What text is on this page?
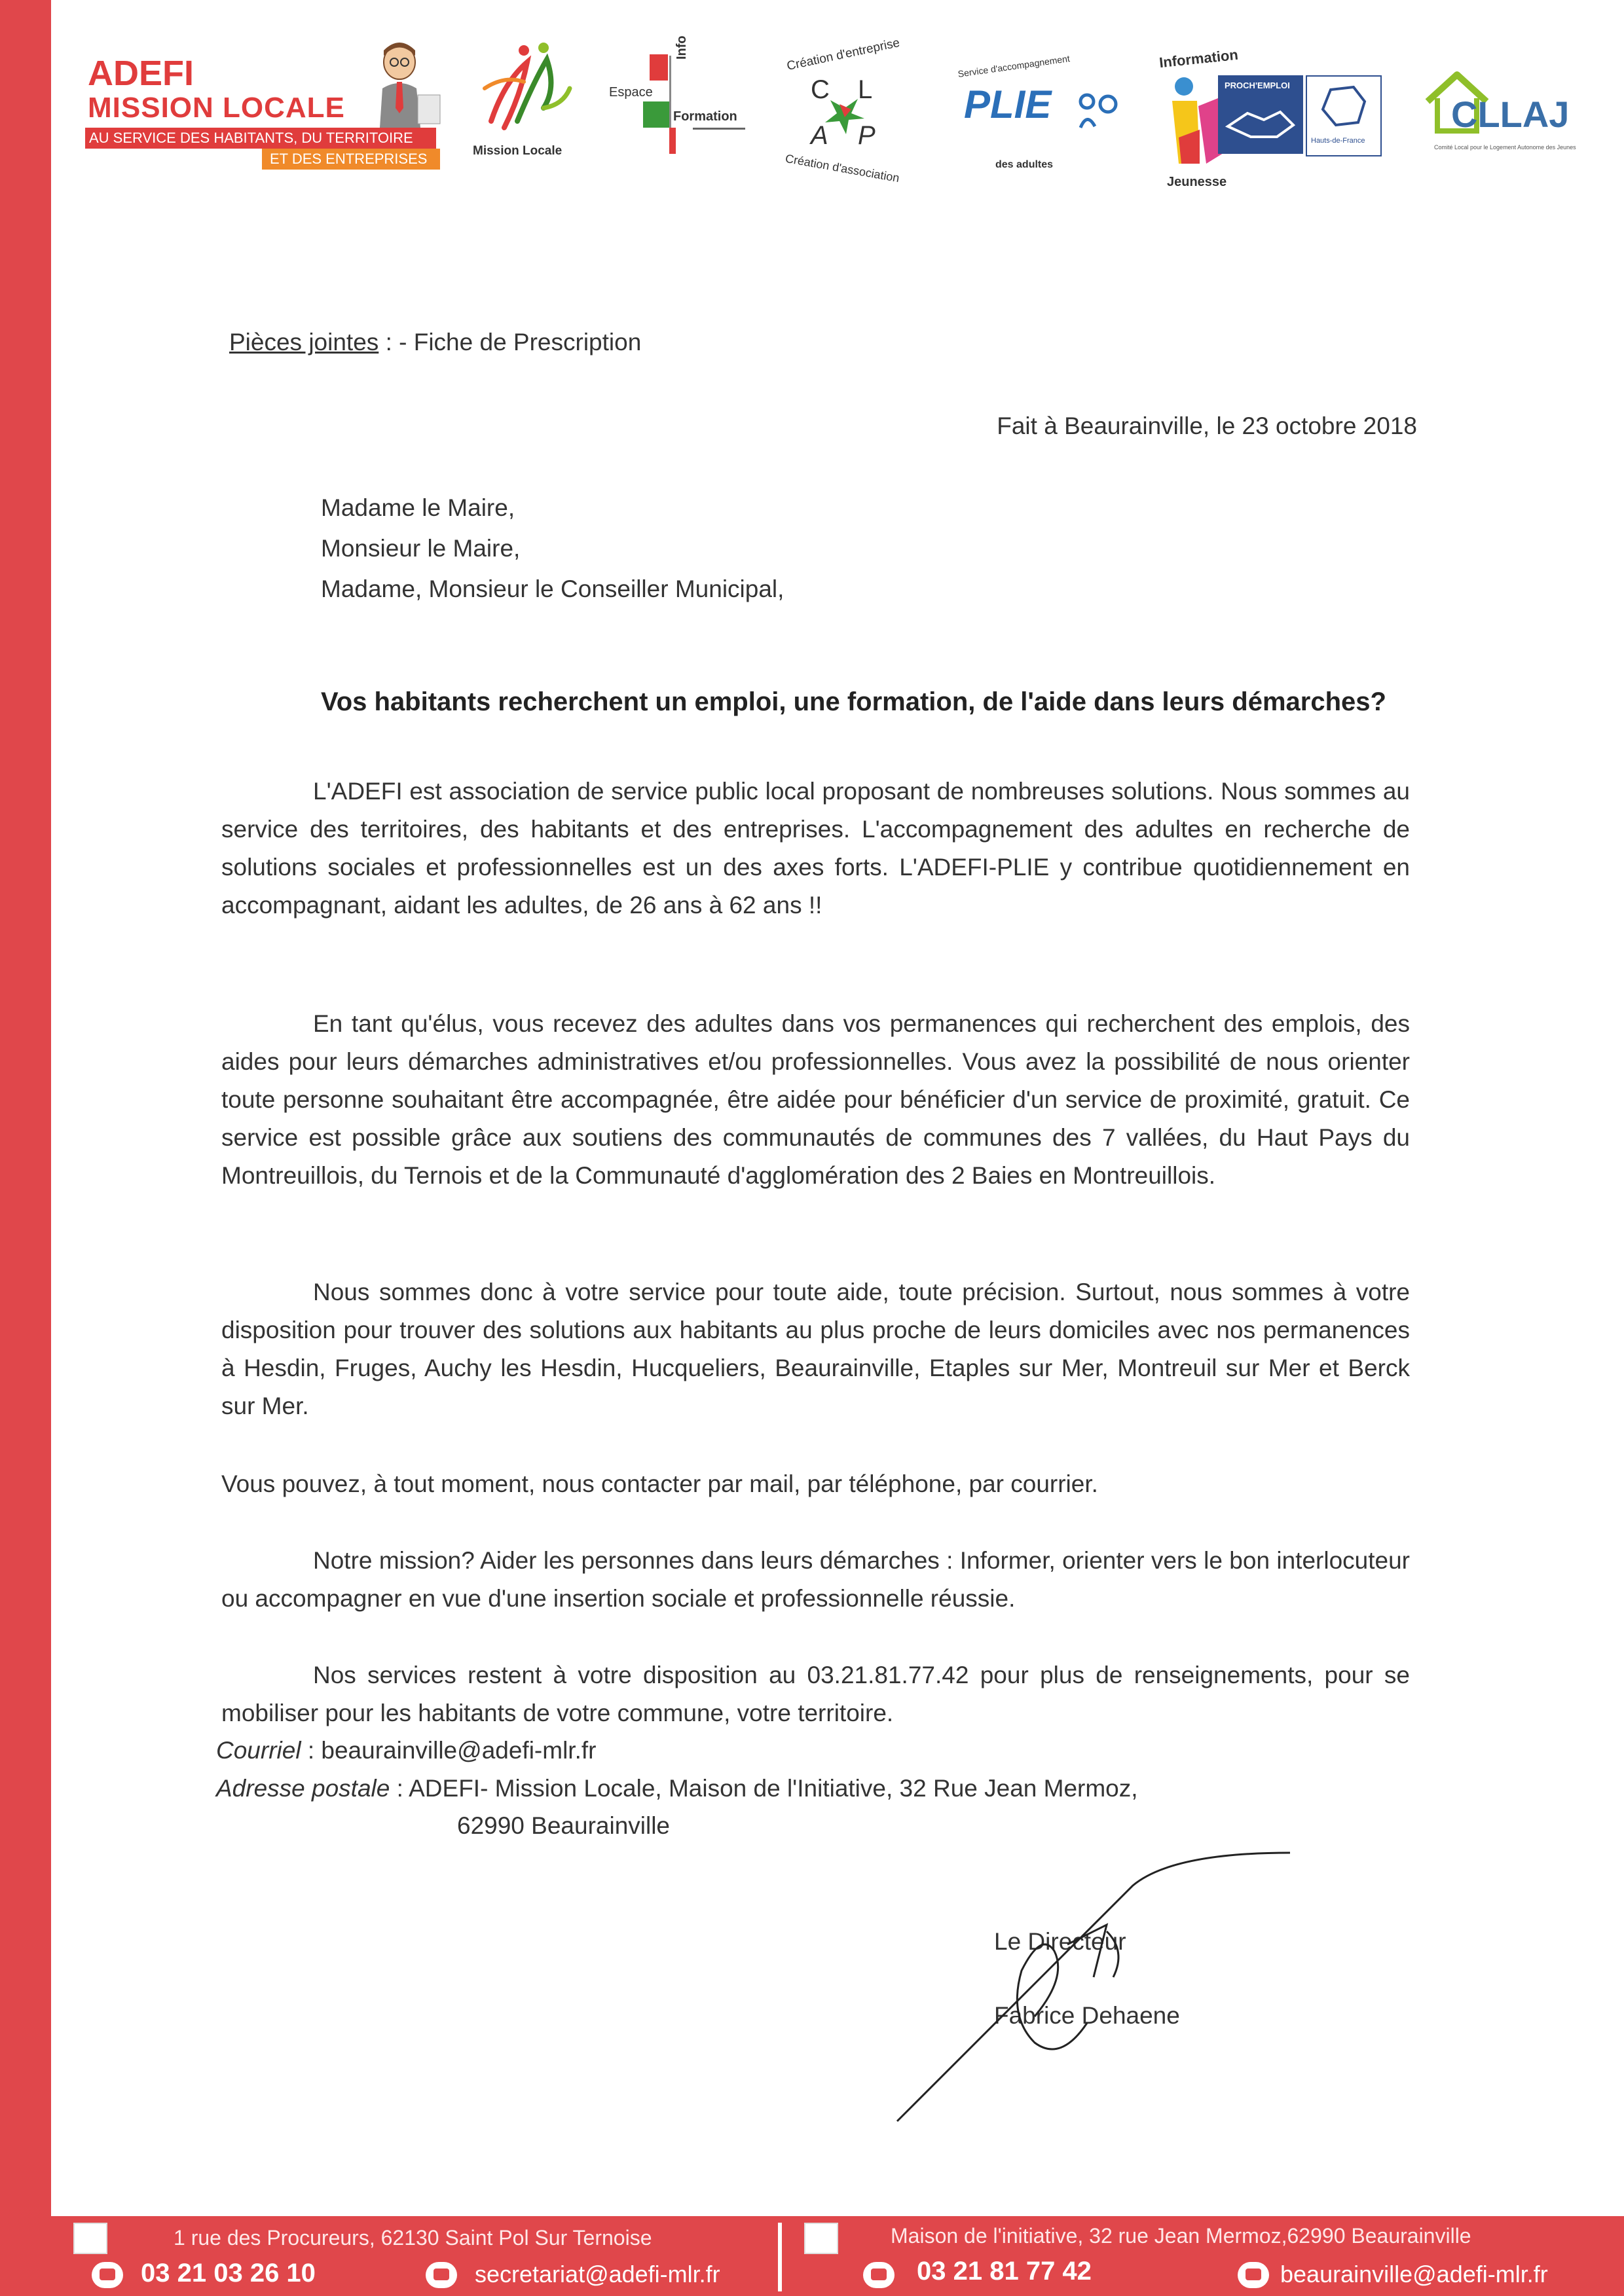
ADEFI
MISSION LOCALE
AU SERVICE DES HABITANTS, DU TERRITOIRE
ET DES ENTREPRISES	Mission Locale
Espace
Info
Formation
Création d'entreprise
C L
A P
Création d'association
Service d'accompagnement
PLIE
des adultes
Information
Jeunesse
PROCH'EMPLOI
Hauts-de-France
CLLAJ
Comité Local pour le Logement Autonome des Jeunes
Pièces jointes : - Fiche de Prescription
Fait à Beaurainville, le 23 octobre 2018
Madame le Maire,
Monsieur le Maire,
Madame, Monsieur le Conseiller Municipal,
Vos habitants recherchent un emploi, une formation, de l'aide dans leurs démarches?

L'ADEFI est association de service public local proposant de nombreuses solutions. Nous sommes au service des territoires, des habitants et des entreprises. L'accompagnement des adultes en recherche de solutions sociales et professionnelles est un des axes forts. L'ADEFI-PLIE y contribue quotidiennement en accompagnant, aidant les adultes, de 26 ans à 62 ans !!

En tant qu'élus, vous recevez des adultes dans vos permanences qui recherchent des emplois, des aides pour leurs démarches administratives et/ou professionnelles. Vous avez la possibilité de nous orienter toute personne souhaitant être accompagnée, être aidée pour bénéficier d'un service de proximité, gratuit. Ce service est possible grâce aux soutiens des communautés de communes des 7 vallées, du Haut Pays du Montreuillois, du Ternois et de la Communauté d'agglomération des 2 Baies en Montreuillois.

Nous sommes donc à votre service pour toute aide, toute précision. Surtout, nous sommes à votre disposition pour trouver des solutions aux habitants au plus proche de leurs domiciles avec nos permanences à Hesdin, Fruges, Auchy les Hesdin, Hucqueliers, Beaurainville, Etaples sur Mer, Montreuil sur Mer et Berck sur Mer.

Vous pouvez, à tout moment, nous contacter par mail, par téléphone, par courrier.

Notre mission? Aider les personnes dans leurs démarches : Informer, orienter vers le bon interlocuteur ou accompagner en vue d'une insertion sociale et professionnelle réussie.

Nos services restent à votre disposition au 03.21.81.77.42 pour plus de renseignements, pour se mobiliser pour les habitants de votre commune, votre territoire.

Courriel : beaurainville@adefi-mlr.fr
Adresse postale : ADEFI- Mission Locale, Maison de l'Initiative, 32 Rue Jean Mermoz,
62990 Beaurainville
Le Directeur
Fabrice Dehaene
1 rue des Procureurs, 62130 Saint Pol Sur Ternoise
03 21 03 26 10	secretariat@adefi-mlr.fr
Maison de l'initiative, 32 rue Jean Mermoz,62990 Beaurainville
03 21 81 77 42	beaurainville@adefi-mlr.fr
